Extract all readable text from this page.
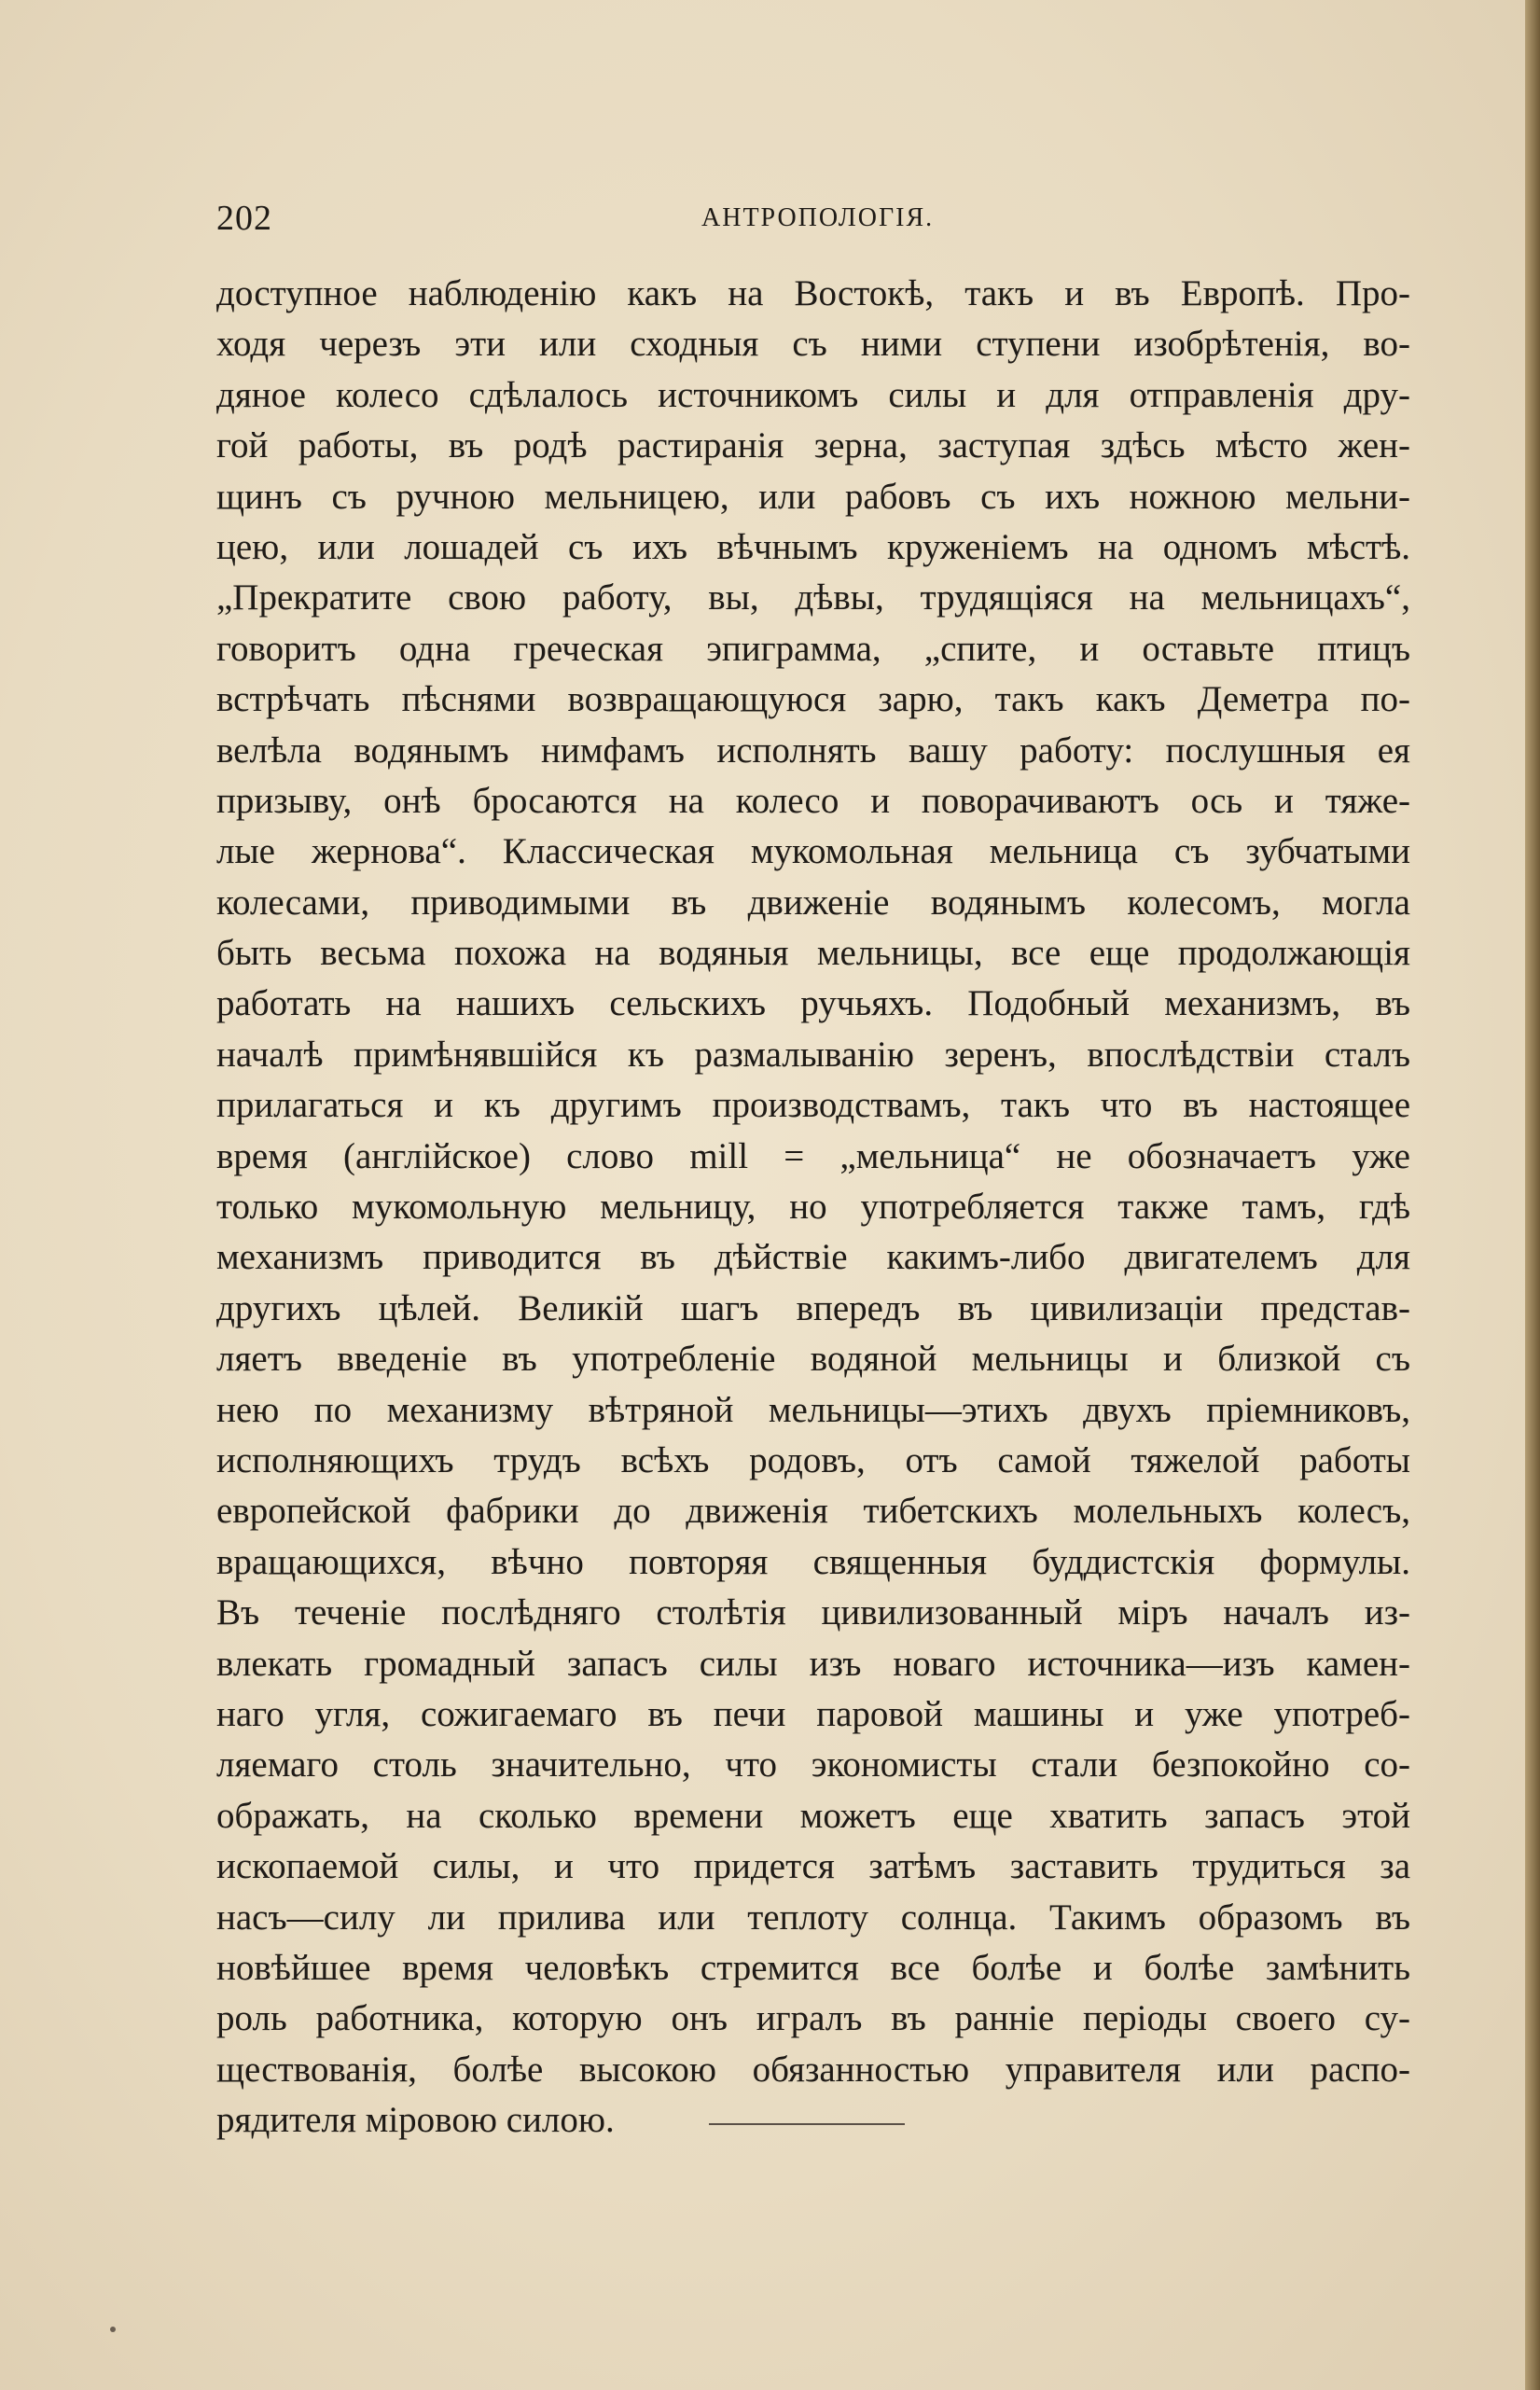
202	АНТРОПОЛОГІЯ.
доступное наблюденію какъ на Востокѣ, такъ и въ Европѣ. Про-
ходя черезъ эти или сходныя съ ними ступени изобрѣтенія, во-
дяное колесо сдѣлалось источникомъ силы и для отправленія дру-
гой работы, въ родѣ растиранія зерна, заступая здѣсь мѣсто жен-
щинъ съ ручною мельницею, или рабовъ съ ихъ ножною мельни-
цею, или лошадей съ ихъ вѣчнымъ круженіемъ на одномъ мѣстѣ.
„Прекратите свою работу, вы, дѣвы, трудящіяся на мельницахъ“,
говоритъ одна греческая эпиграмма, „спите, и оставьте птицъ
встрѣчать пѣснями возвращающуюся зарю, такъ какъ Деметра по-
велѣла водянымъ нимфамъ исполнять вашу работу: послушныя ея
призыву, онѣ бросаются на колесо и поворачиваютъ ось и тяже-
лые жернова“. Классическая мукомольная мельница съ зубчатыми
колесами, приводимыми въ движеніе водянымъ колесомъ, могла
быть весьма похожа на водяныя мельницы, все еще продолжающія
работать на нашихъ сельскихъ ручьяхъ. Подобный механизмъ, въ
началѣ примѣнявшійся къ размалыванію зеренъ, впослѣдствіи сталъ
прилагаться и къ другимъ производствамъ, такъ что въ настоящее
время (англійское) слово mill = „мельница“ не обозначаетъ уже
только мукомольную мельницу, но употребляется также тамъ, гдѣ
механизмъ приводится въ дѣйствіе какимъ-либо двигателемъ для
другихъ цѣлей. Великій шагъ впередъ въ цивилизаціи представ-
ляетъ введеніе въ употребленіе водяной мельницы и близкой съ
нею по механизму вѣтряной мельницы—этихъ двухъ пріемниковъ,
исполняющихъ трудъ всѣхъ родовъ, отъ самой тяжелой работы
европейской фабрики до движенія тибетскихъ молельныхъ колесъ,
вращающихся, вѣчно повторяя священныя буддистскія формулы.
Въ теченіе послѣдняго столѣтія цивилизованный міръ началъ из-
влекать громадный запасъ силы изъ новаго источника—изъ камен-
наго угля, сожигаемаго въ печи паровой машины и уже употреб-
ляемаго столь значительно, что экономисты стали безпокойно со-
ображать, на сколько времени можетъ еще хватить запасъ этой
ископаемой силы, и что придется затѣмъ заставить трудиться за
насъ—силу ли прилива или теплоту солнца. Такимъ образомъ въ
новѣйшее время человѣкъ стремится все болѣе и болѣе замѣнить
роль работника, которую онъ игралъ въ ранніе періоды своего су-
ществованія, болѣе высокою обязанностью управителя или распо-
рядителя міровою силою.
